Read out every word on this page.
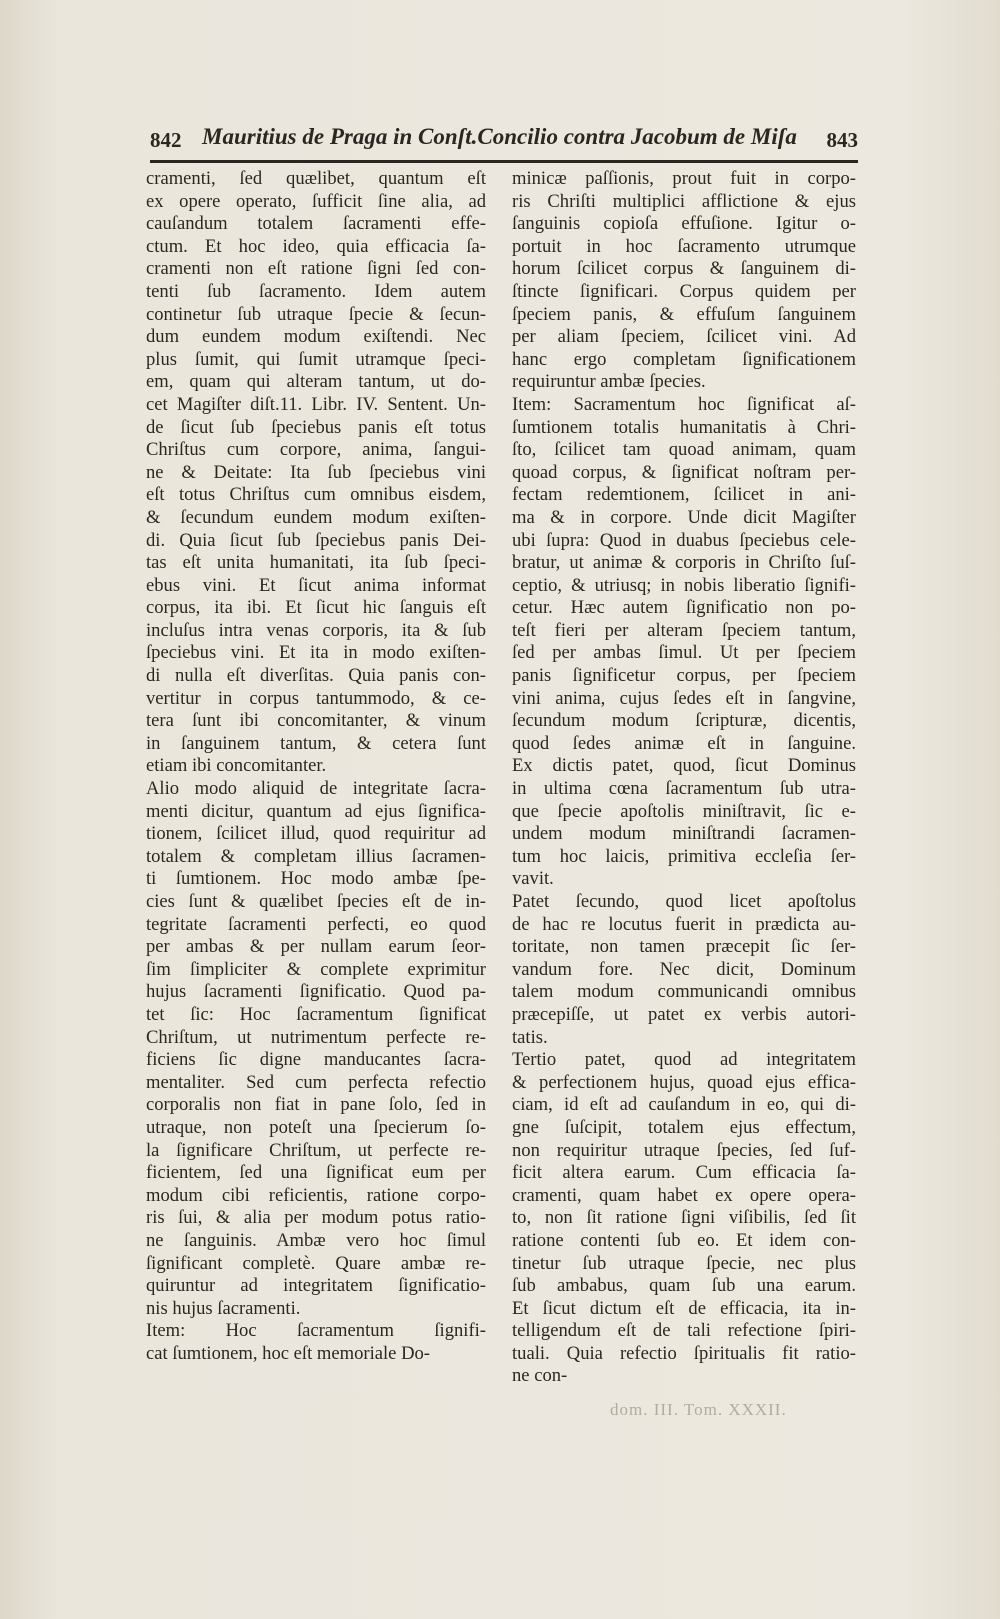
842 Mauritius de Praga in Conſt.Concilio contra Jacobum de Miſa 843
cramenti, ſed quælibet, quantum eſt
ex opere operato, ſufficit ſine alia, ad
cauſandum totalem ſacramenti effe-
ctum. Et hoc ideo, quia efficacia ſa-
cramenti non eſt ratione ſigni ſed con-
tenti ſub ſacramento. Idem autem
continetur ſub utraque ſpecie & ſecun-
dum eundem modum exiſtendi. Nec
plus ſumit, qui ſumit utramque ſpeci-
em, quam qui alteram tantum, ut do-
cet Magiſter diſt.11. Libr. IV. Sentent. Un-
de ſicut ſub ſpeciebus panis eſt totus
Chriſtus cum corpore, anima, ſangui-
ne & Deitate: Ita ſub ſpeciebus vini
eſt totus Chriſtus cum omnibus eisdem,
& ſecundum eundem modum exiſten-
di. Quia ſicut ſub ſpeciebus panis Dei-
tas eſt unita humanitati, ita ſub ſpeci-
ebus vini. Et ſicut anima informat
corpus, ita ibi. Et ſicut hic ſanguis eſt
incluſus intra venas corporis, ita & ſub
ſpeciebus vini. Et ita in modo exiſten-
di nulla eſt diverſitas. Quia panis con-
vertitur in corpus tantummodo, & ce-
tera ſunt ibi concomitanter, & vinum
in ſanguinem tantum, & cetera ſunt
etiam ibi concomitanter.
Alio modo aliquid de integritate ſacra-
menti dicitur, quantum ad ejus ſignifica-
tionem, ſcilicet illud, quod requiritur ad
totalem & completam illius ſacramen-
ti ſumtionem. Hoc modo ambæ ſpe-
cies ſunt & quælibet ſpecies eſt de in-
tegritate ſacramenti perfecti, eo quod
per ambas & per nullam earum ſeor-
ſim ſimpliciter & complete exprimitur
hujus ſacramenti ſignificatio. Quod pa-
tet ſic: Hoc ſacramentum ſignificat
Chriſtum, ut nutrimentum perfecte re-
ficiens ſic digne manducantes ſacra-
mentaliter. Sed cum perfecta refectio
corporalis non fiat in pane ſolo, ſed in
utraque, non poteſt una ſpecierum ſo-
la ſignificare Chriſtum, ut perfecte re-
ficientem, ſed una ſignificat eum per
modum cibi reficientis, ratione corpo-
ris ſui, & alia per modum potus ratio-
ne ſanguinis. Ambæ vero hoc ſimul
ſignificant completè. Quare ambæ re-
quiruntur ad integritatem ſignificatio-
nis hujus ſacramenti.
Item: Hoc ſacramentum ſignifi-
cat ſumtionem, hoc eſt memoriale Do-
minicæ paſſionis, prout fuit in corpo-
ris Chriſti multiplici afflictione & ejus
ſanguinis copioſa effuſione. Igitur o-
portuit in hoc ſacramento utrumque
horum ſcilicet corpus & ſanguinem di-
ſtincte ſignificari. Corpus quidem per
ſpeciem panis, & effuſum ſanguinem
per aliam ſpeciem, ſcilicet vini. Ad
hanc ergo completam ſignificationem
requiruntur ambæ ſpecies.
Item: Sacramentum hoc ſignificat aſ-
ſumtionem totalis humanitatis à Chri-
ſto, ſcilicet tam quoad animam, quam
quoad corpus, & ſignificat noſtram per-
fectam redemtionem, ſcilicet in ani-
ma & in corpore. Unde dicit Magiſter
ubi ſupra: Quod in duabus ſpeciebus cele-
bratur, ut animæ & corporis in Chriſto ſuſ-
ceptio, & utriusq; in nobis liberatio ſignifi-
cetur. Hæc autem ſignificatio non po-
teſt fieri per alteram ſpeciem tantum,
ſed per ambas ſimul. Ut per ſpeciem
panis ſignificetur corpus, per ſpeciem
vini anima, cujus ſedes eſt in ſangvine,
ſecundum modum ſcripturæ, dicentis,
quod ſedes animæ eſt in ſanguine.
Ex dictis patet, quod, ſicut Dominus
in ultima cœna ſacramentum ſub utra-
que ſpecie apoſtolis miniſtravit, ſic e-
undem modum miniſtrandi ſacramen-
tum hoc laicis, primitiva eccleſia ſer-
vavit.
Patet ſecundo, quod licet apoſtolus
de hac re locutus fuerit in prædicta au-
toritate, non tamen præcepit ſic ſer-
vandum fore. Nec dicit, Dominum
talem modum communicandi omnibus
præcepiſſe, ut patet ex verbis autori-
tatis.
Tertio patet, quod ad integritatem
& perfectionem hujus, quoad ejus effica-
ciam, id eſt ad cauſandum in eo, qui di-
gne ſuſcipit, totalem ejus effectum,
non requiritur utraque ſpecies, ſed ſuf-
ficit altera earum. Cum efficacia ſa-
cramenti, quam habet ex opere opera-
to, non ſit ratione ſigni viſibilis, ſed ſit
ratione contenti ſub eo. Et idem con-
tinetur ſub utraque ſpecie, nec plus
ſub ambabus, quam ſub una earum.
Et ſicut dictum eſt de efficacia, ita in-
telligendum eſt de tali refectione ſpiri-
tuali. Quia refectio ſpiritualis fit ratio-
ne con-
dom. III. Tom. XXXII.
